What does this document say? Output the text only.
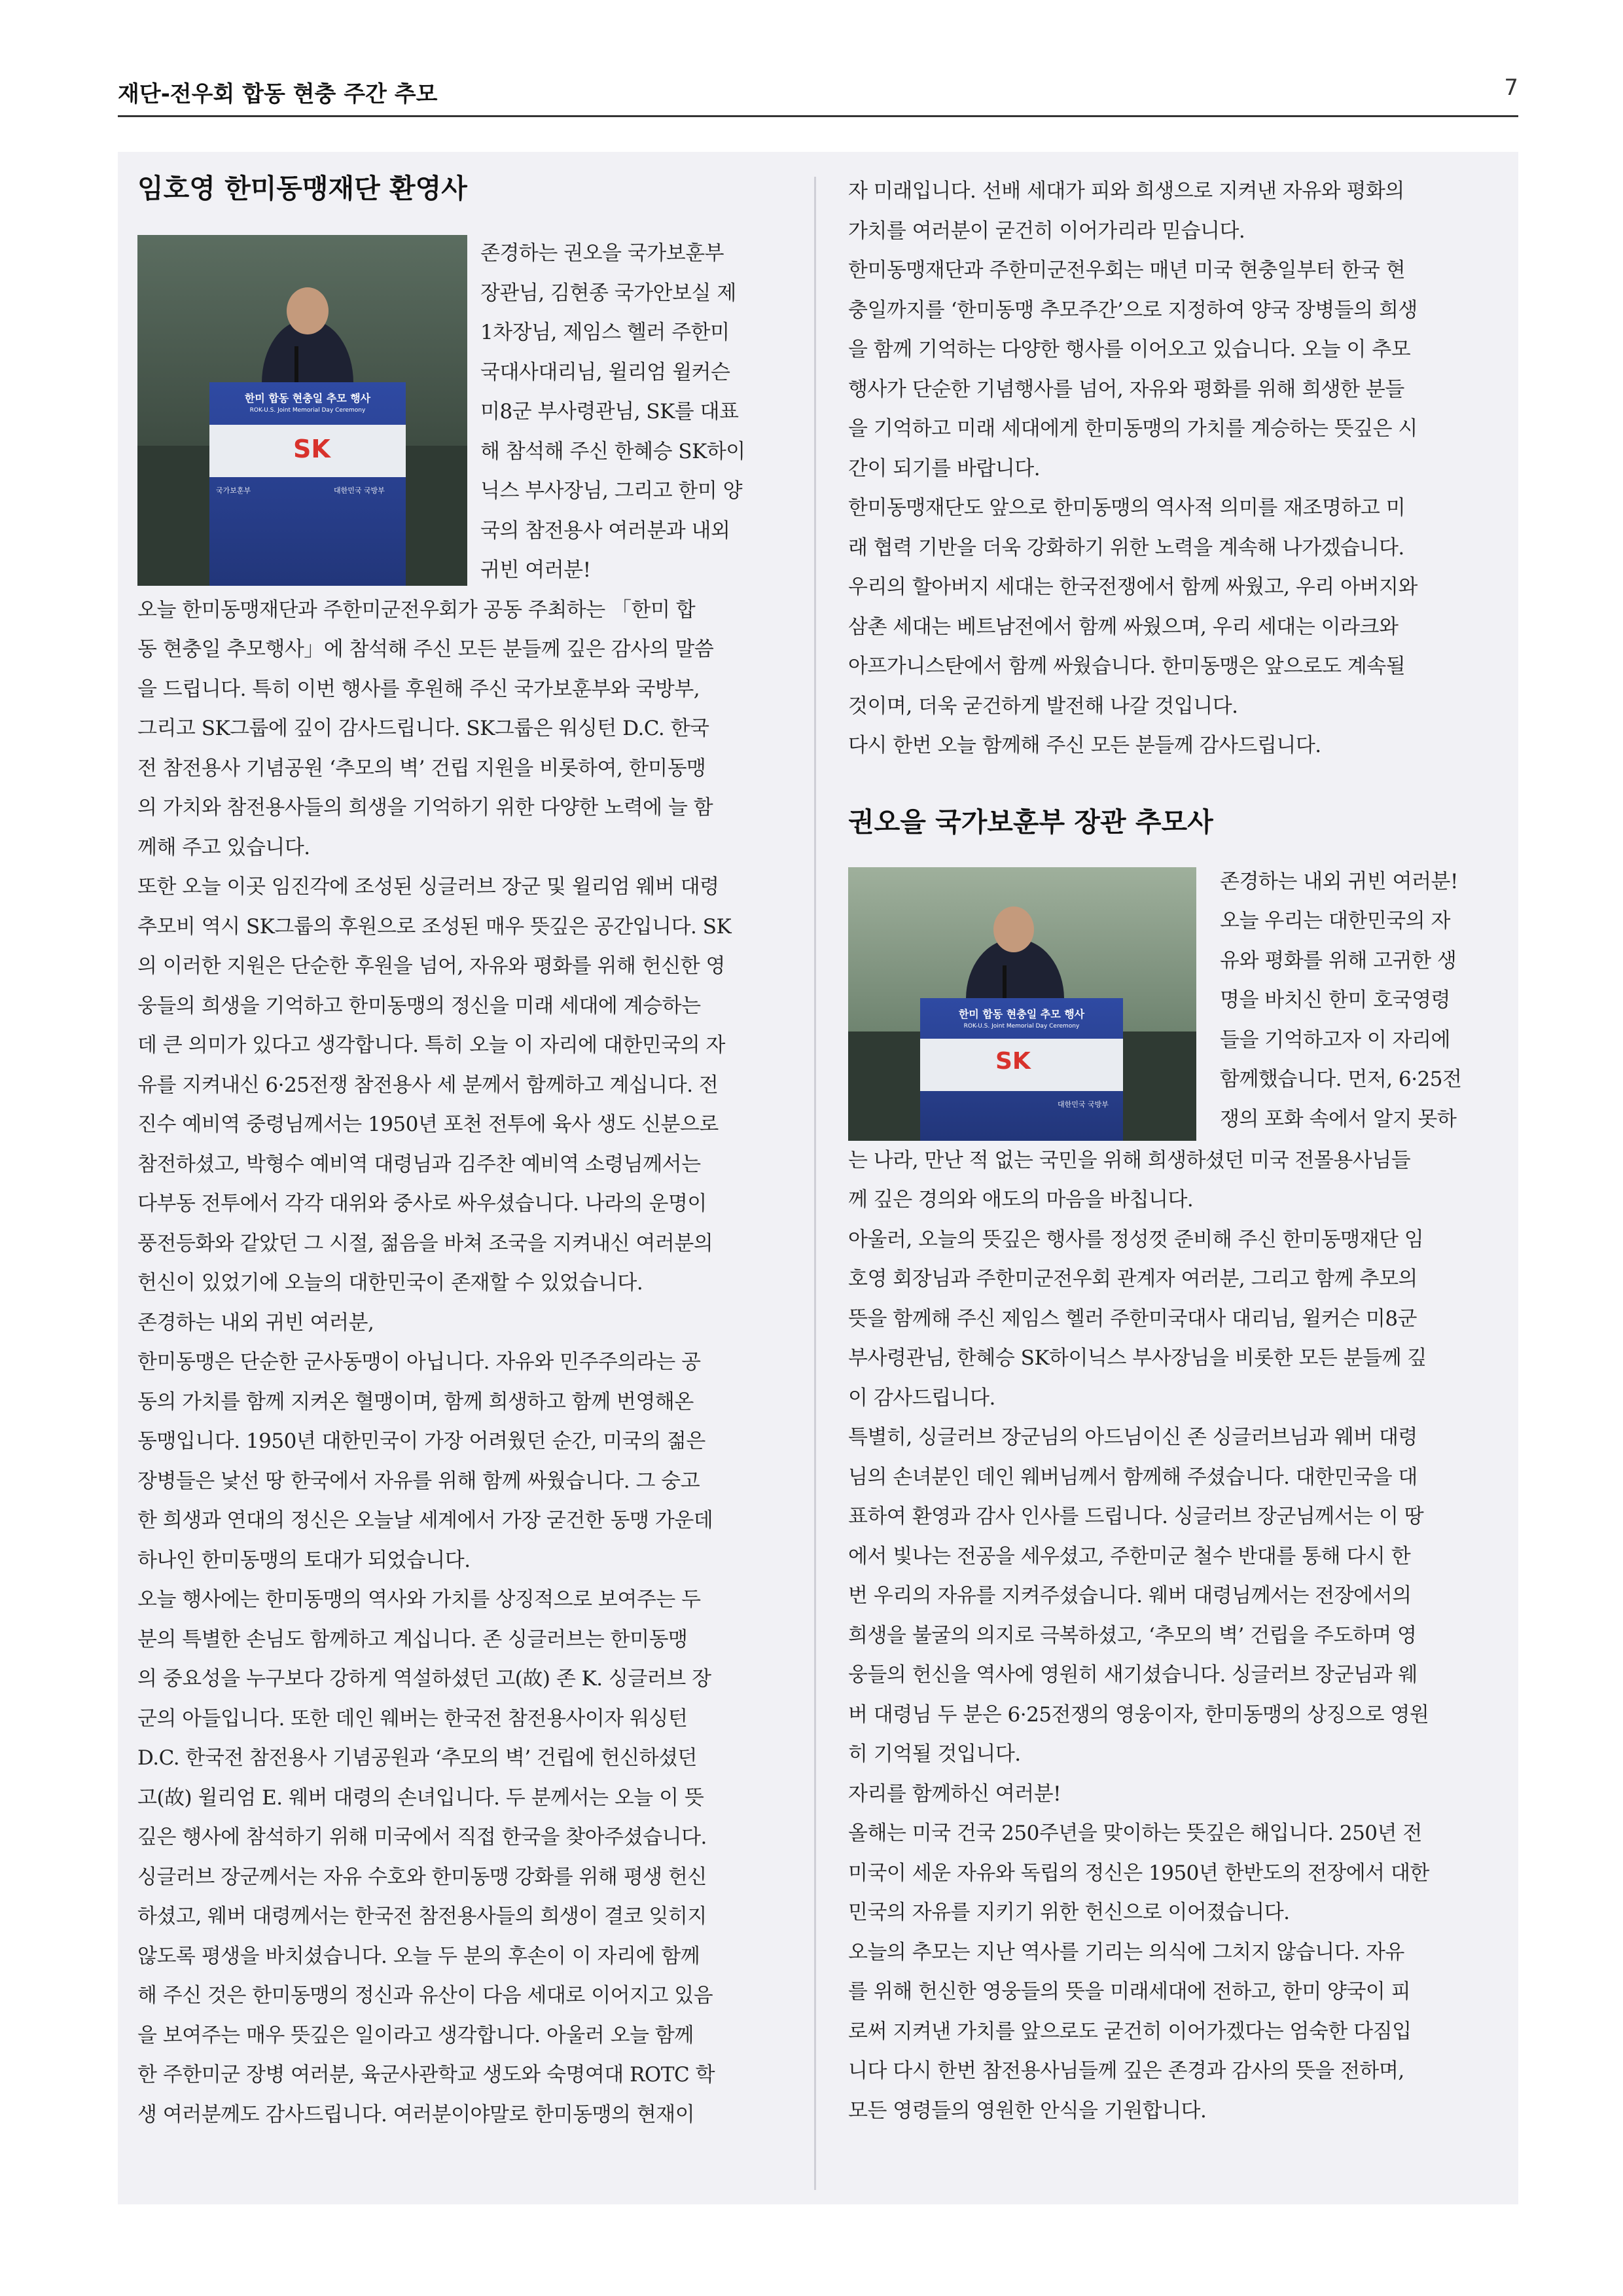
재단-전우회 합동 현충 주간 추모	7
임호영 한미동맹재단 환영사
한미 합동 현충일 추모 행사
ROK-U.S. Joint Memorial Day Ceremony
SK
국가보훈부	대한민국 국방부

존경하는 권오을 국가보훈부

장관님, 김현종 국가안보실 제

1차장님, 제임스 헬러 주한미

국대사대리님, 윌리엄 윌커슨

미8군 부사령관님, SK를 대표

해 참석해 주신 한혜승 SK하이

닉스 부사장님, 그리고 한미 양

국의 참전용사 여러분과 내외

귀빈 여러분!

오늘 한미동맹재단과 주한미군전우회가 공동 주최하는 「한미 합

동 현충일 추모행사」에 참석해 주신 모든 분들께 깊은 감사의 말씀

을 드립니다. 특히 이번 행사를 후원해 주신 국가보훈부와 국방부,

그리고 SK그룹에 깊이 감사드립니다. SK그룹은 워싱턴 D.C. 한국

전 참전용사 기념공원 ‘추모의 벽’ 건립 지원을 비롯하여, 한미동맹

의 가치와 참전용사들의 희생을 기억하기 위한 다양한 노력에 늘 함

께해 주고 있습니다.

또한 오늘 이곳 임진각에 조성된 싱글러브 장군 및 윌리엄 웨버 대령

추모비 역시 SK그룹의 후원으로 조성된 매우 뜻깊은 공간입니다. SK

의 이러한 지원은 단순한 후원을 넘어, 자유와 평화를 위해 헌신한 영

웅들의 희생을 기억하고 한미동맹의 정신을 미래 세대에 계승하는

데 큰 의미가 있다고 생각합니다. 특히 오늘 이 자리에 대한민국의 자

유를 지켜내신 6·25전쟁 참전용사 세 분께서 함께하고 계십니다. 전

진수 예비역 중령님께서는 1950년 포천 전투에 육사 생도 신분으로

참전하셨고, 박형수 예비역 대령님과 김주찬 예비역 소령님께서는

다부동 전투에서 각각 대위와 중사로 싸우셨습니다. 나라의 운명이

풍전등화와 같았던 그 시절, 젊음을 바쳐 조국을 지켜내신 여러분의

헌신이 있었기에 오늘의 대한민국이 존재할 수 있었습니다.

존경하는 내외 귀빈 여러분,

한미동맹은 단순한 군사동맹이 아닙니다. 자유와 민주주의라는 공

동의 가치를 함께 지켜온 혈맹이며, 함께 희생하고 함께 번영해온

동맹입니다. 1950년 대한민국이 가장 어려웠던 순간, 미국의 젊은

장병들은 낯선 땅 한국에서 자유를 위해 함께 싸웠습니다. 그 숭고

한 희생과 연대의 정신은 오늘날 세계에서 가장 굳건한 동맹 가운데

하나인 한미동맹의 토대가 되었습니다.

오늘 행사에는 한미동맹의 역사와 가치를 상징적으로 보여주는 두

분의 특별한 손님도 함께하고 계십니다. 존 싱글러브는 한미동맹

의 중요성을 누구보다 강하게 역설하셨던 고(故) 존 K. 싱글러브 장

군의 아들입니다. 또한 데인 웨버는 한국전 참전용사이자 워싱턴

D.C. 한국전 참전용사 기념공원과 ‘추모의 벽’ 건립에 헌신하셨던

고(故) 윌리엄 E. 웨버 대령의 손녀입니다. 두 분께서는 오늘 이 뜻

깊은 행사에 참석하기 위해 미국에서 직접 한국을 찾아주셨습니다.

싱글러브 장군께서는 자유 수호와 한미동맹 강화를 위해 평생 헌신

하셨고, 웨버 대령께서는 한국전 참전용사들의 희생이 결코 잊히지

않도록 평생을 바치셨습니다. 오늘 두 분의 후손이 이 자리에 함께

해 주신 것은 한미동맹의 정신과 유산이 다음 세대로 이어지고 있음

을 보여주는 매우 뜻깊은 일이라고 생각합니다. 아울러 오늘 함께

한 주한미군 장병 여러분, 육군사관학교 생도와 숙명여대 ROTC 학

생 여러분께도 감사드립니다. 여러분이야말로 한미동맹의 현재이

자 미래입니다. 선배 세대가 피와 희생으로 지켜낸 자유와 평화의

가치를 여러분이 굳건히 이어가리라 믿습니다.

한미동맹재단과 주한미군전우회는 매년 미국 현충일부터 한국 현

충일까지를 ‘한미동맹 추모주간’으로 지정하여 양국 장병들의 희생

을 함께 기억하는 다양한 행사를 이어오고 있습니다. 오늘 이 추모

행사가 단순한 기념행사를 넘어, 자유와 평화를 위해 희생한 분들

을 기억하고 미래 세대에게 한미동맹의 가치를 계승하는 뜻깊은 시

간이 되기를 바랍니다.

한미동맹재단도 앞으로 한미동맹의 역사적 의미를 재조명하고 미

래 협력 기반을 더욱 강화하기 위한 노력을 계속해 나가겠습니다.

우리의 할아버지 세대는 한국전쟁에서 함께 싸웠고, 우리 아버지와

삼촌 세대는 베트남전에서 함께 싸웠으며, 우리 세대는 이라크와

아프가니스탄에서 함께 싸웠습니다. 한미동맹은 앞으로도 계속될

것이며, 더욱 굳건하게 발전해 나갈 것입니다.

다시 한번 오늘 함께해 주신 모든 분들께 감사드립니다.

권오을 국가보훈부 장관 추모사
한미 합동 현충일 추모 행사
ROK-U.S. Joint Memorial Day Ceremony
SK
대한민국 국방부

존경하는 내외 귀빈 여러분!

오늘 우리는 대한민국의 자

유와 평화를 위해 고귀한 생

명을 바치신 한미 호국영령

들을 기억하고자 이 자리에

함께했습니다. 먼저, 6·25전

쟁의 포화 속에서 알지 못하

는 나라, 만난 적 없는 국민을 위해 희생하셨던 미국 전몰용사님들

께 깊은 경의와 애도의 마음을 바칩니다.

아울러, 오늘의 뜻깊은 행사를 정성껏 준비해 주신 한미동맹재단 임

호영 회장님과 주한미군전우회 관계자 여러분, 그리고 함께 추모의

뜻을 함께해 주신 제임스 헬러 주한미국대사 대리님, 윌커슨 미8군

부사령관님, 한혜승 SK하이닉스 부사장님을 비롯한 모든 분들께 깊

이 감사드립니다.

특별히, 싱글러브 장군님의 아드님이신 존 싱글러브님과 웨버 대령

님의 손녀분인 데인 웨버님께서 함께해 주셨습니다. 대한민국을 대

표하여 환영과 감사 인사를 드립니다. 싱글러브 장군님께서는 이 땅

에서 빛나는 전공을 세우셨고, 주한미군 철수 반대를 통해 다시 한

번 우리의 자유를 지켜주셨습니다. 웨버 대령님께서는 전장에서의

희생을 불굴의 의지로 극복하셨고, ‘추모의 벽’ 건립을 주도하며 영

웅들의 헌신을 역사에 영원히 새기셨습니다. 싱글러브 장군님과 웨

버 대령님 두 분은 6·25전쟁의 영웅이자, 한미동맹의 상징으로 영원

히 기억될 것입니다.

자리를 함께하신 여러분!

올해는 미국 건국 250주년을 맞이하는 뜻깊은 해입니다. 250년 전

미국이 세운 자유와 독립의 정신은 1950년 한반도의 전장에서 대한

민국의 자유를 지키기 위한 헌신으로 이어졌습니다.

오늘의 추모는 지난 역사를 기리는 의식에 그치지 않습니다. 자유

를 위해 헌신한 영웅들의 뜻을 미래세대에 전하고, 한미 양국이 피

로써 지켜낸 가치를 앞으로도 굳건히 이어가겠다는 엄숙한 다짐입

니다 다시 한번 참전용사님들께 깊은 존경과 감사의 뜻을 전하며,

모든 영령들의 영원한 안식을 기원합니다.
